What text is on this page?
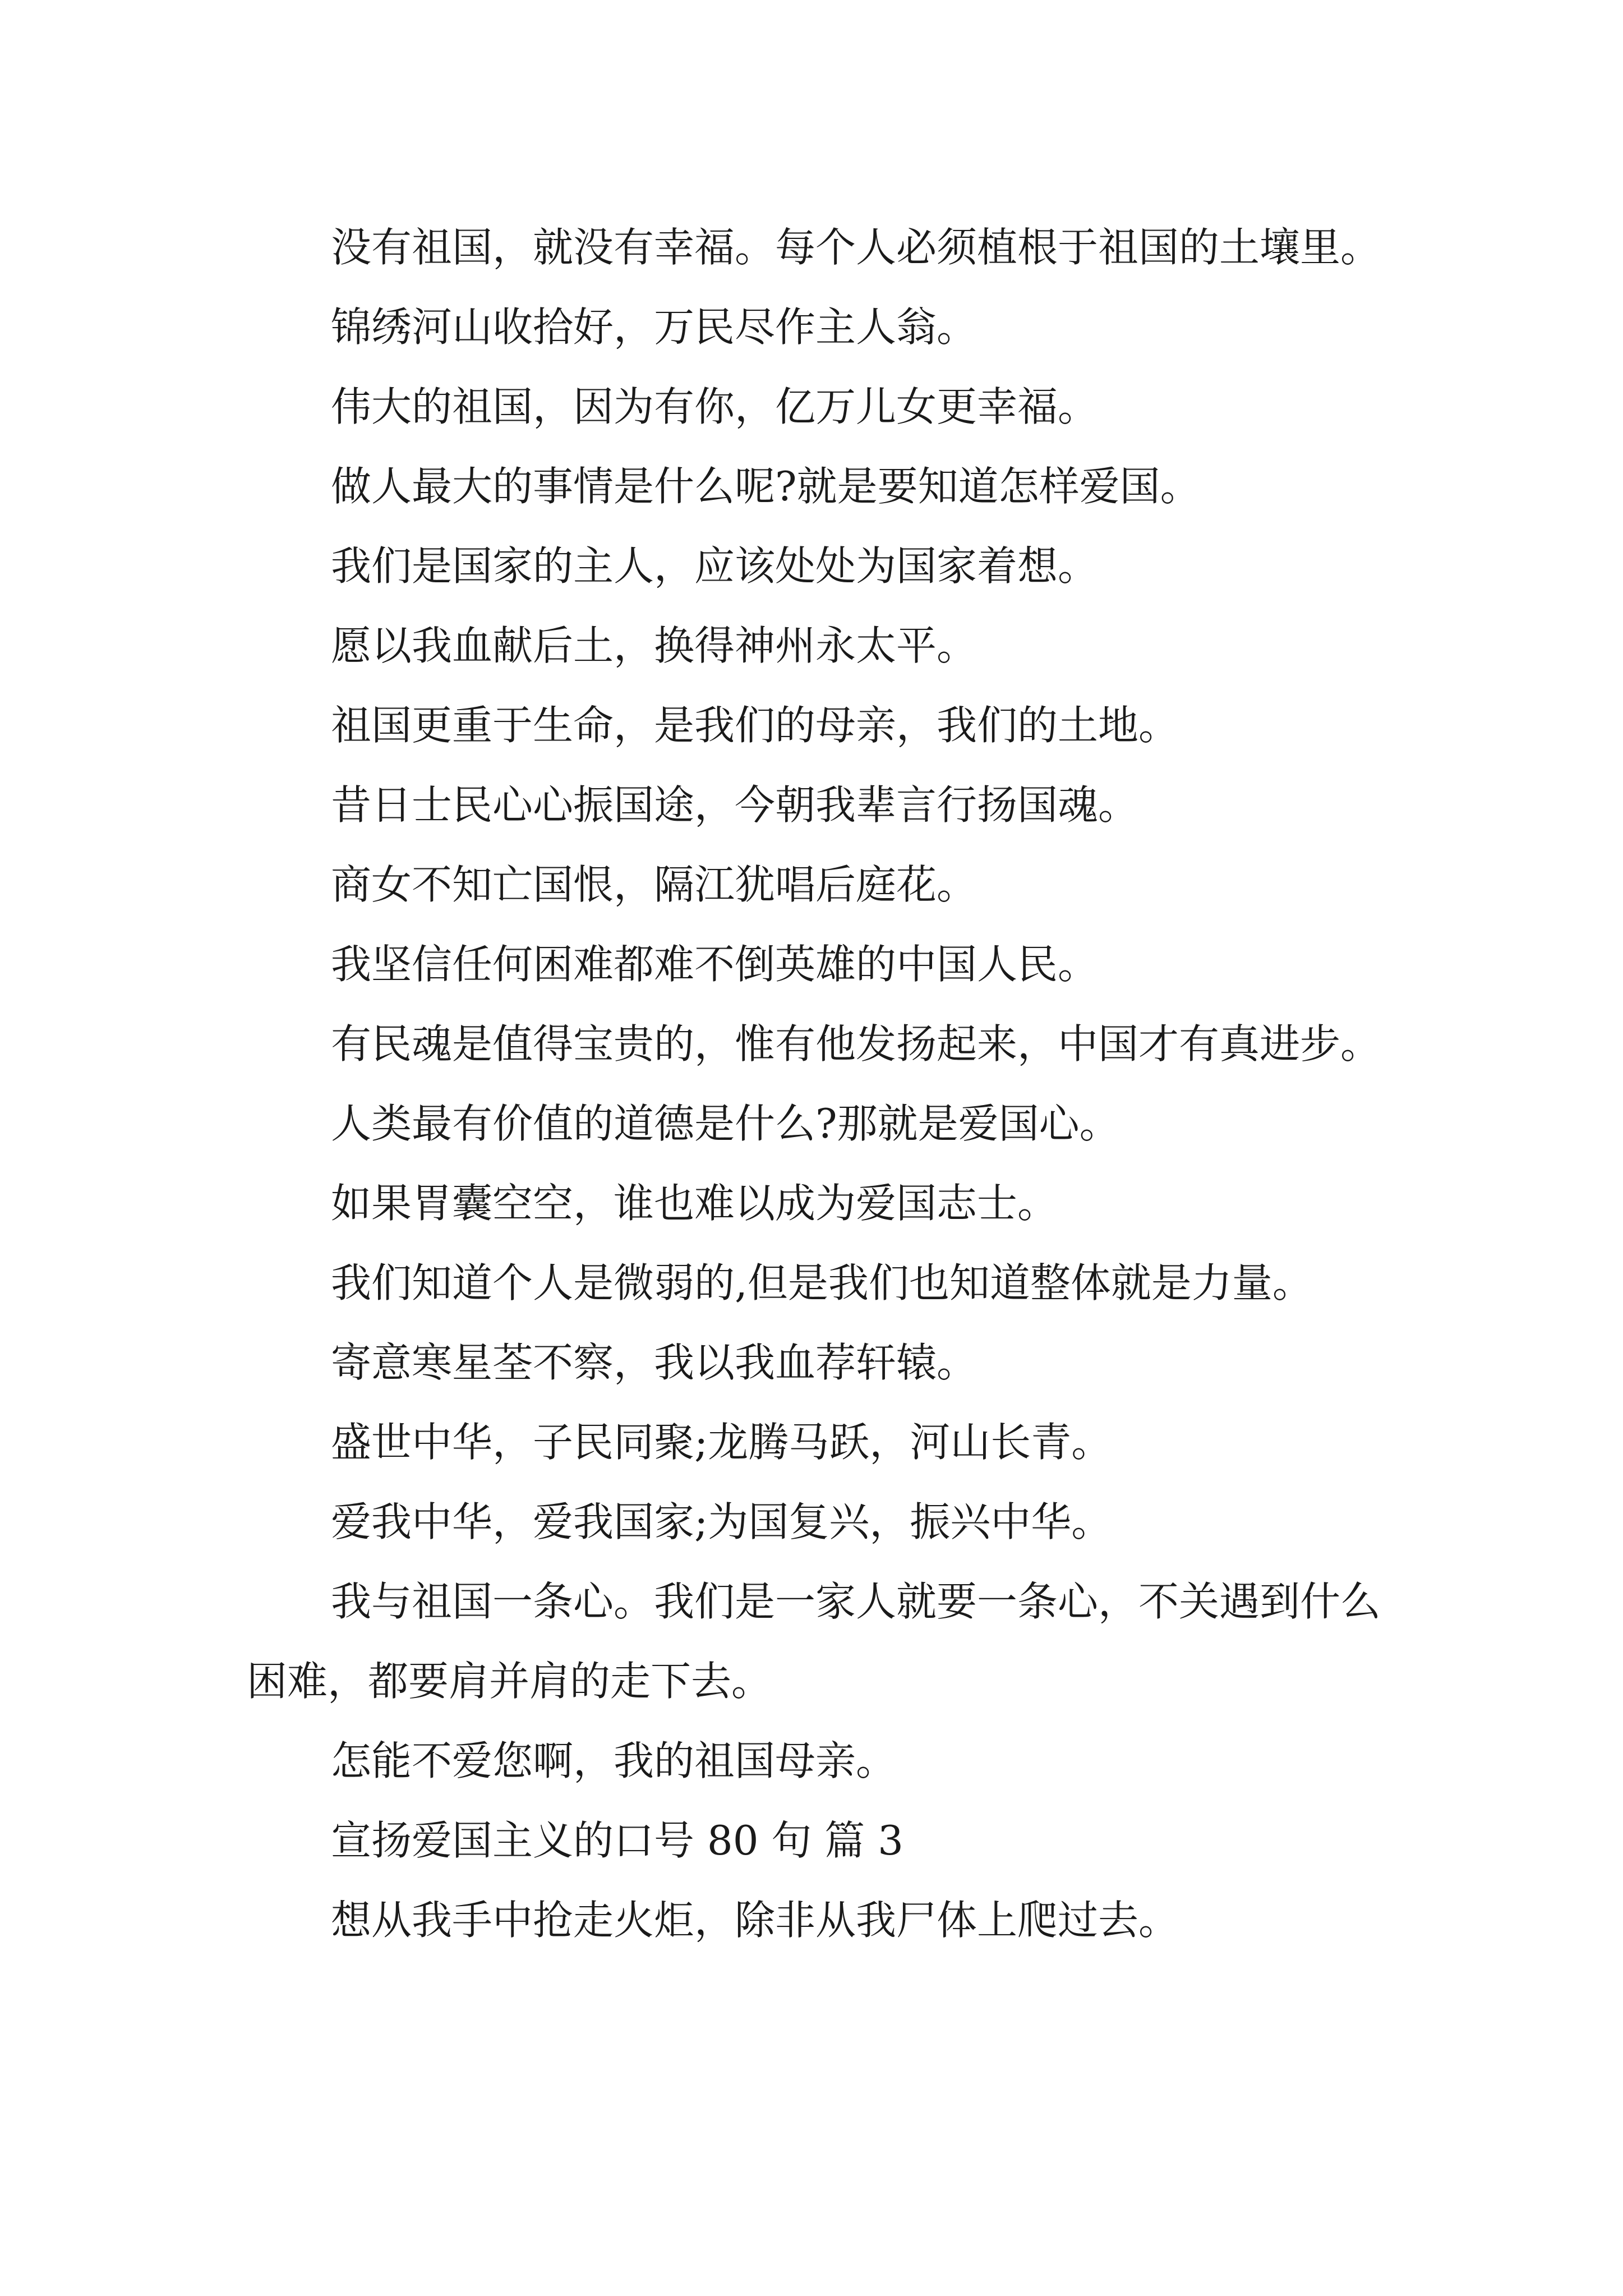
没有祖国，就没有幸福。每个人必须植根于祖国的土壤里。

锦绣河山收拾好，万民尽作主人翁。

伟大的祖国，因为有你，亿万儿女更幸福。

做人最大的事情是什么呢?就是要知道怎样爱国。

我们是国家的主人，应该处处为国家着想。

愿以我血献后土，换得神州永太平。

祖国更重于生命，是我们的母亲，我们的土地。

昔日士民心心振国途，今朝我辈言行扬国魂。

商女不知亡国恨，隔江犹唱后庭花。

我坚信任何困难都难不倒英雄的中国人民。

有民魂是值得宝贵的，惟有他发扬起来，中国才有真进步。

人类最有价值的道德是什么?那就是爱国心。

如果胃囊空空，谁也难以成为爱国志士。

我们知道个人是微弱的,但是我们也知道整体就是力量。

寄意寒星荃不察，我以我血荐轩辕。

盛世中华，子民同聚;龙腾马跃，河山长青。

爱我中华，爱我国家;为国复兴，振兴中华。

我与祖国一条心。我们是一家人就要一条心，不关遇到什么困难，都要肩并肩的走下去。

怎能不爱您啊，我的祖国母亲。

宣扬爱国主义的口号 80 句 篇 3

想从我手中抢走火炬，除非从我尸体上爬过去。
